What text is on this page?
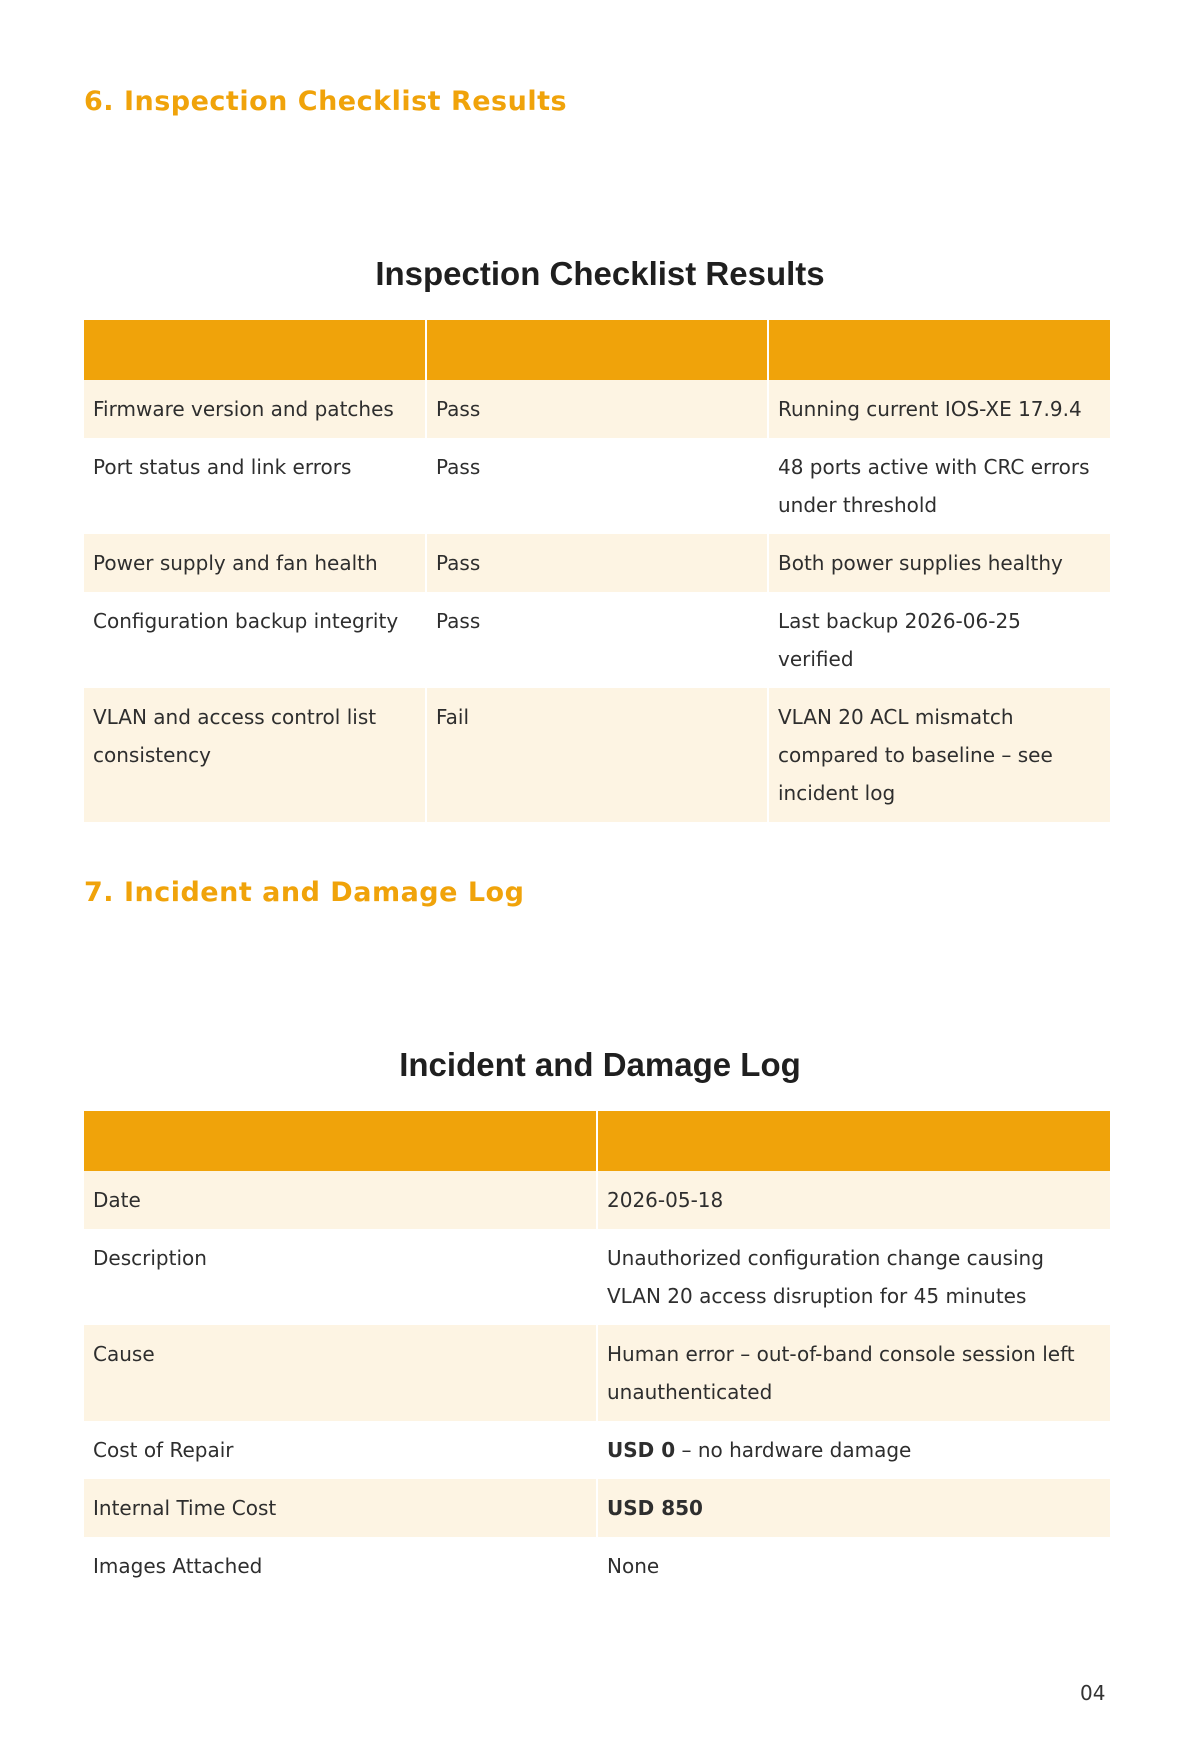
6. Inspection Checklist Results
Inspection Checklist Results

Firmware version and patches	Pass	Running current IOS-XE 17.9.4
Port status and link errors	Pass	48 ports active with CRC errors under threshold
Power supply and fan health	Pass	Both power supplies healthy
Configuration backup integrity	Pass	Last backup 2026-06-25 verified
VLAN and access control list consistency	Fail	VLAN 20 ACL mismatch compared to baseline – see incident log
7. Incident and Damage Log
Incident and Damage Log

Date	2026-05-18
Description	Unauthorized configuration change causing VLAN 20 access disruption for 45 minutes
Cause	Human error – out-of-band console session left unauthenticated
Cost of Repair	USD 0 – no hardware damage
Internal Time Cost	USD 850
Images Attached	None
04
